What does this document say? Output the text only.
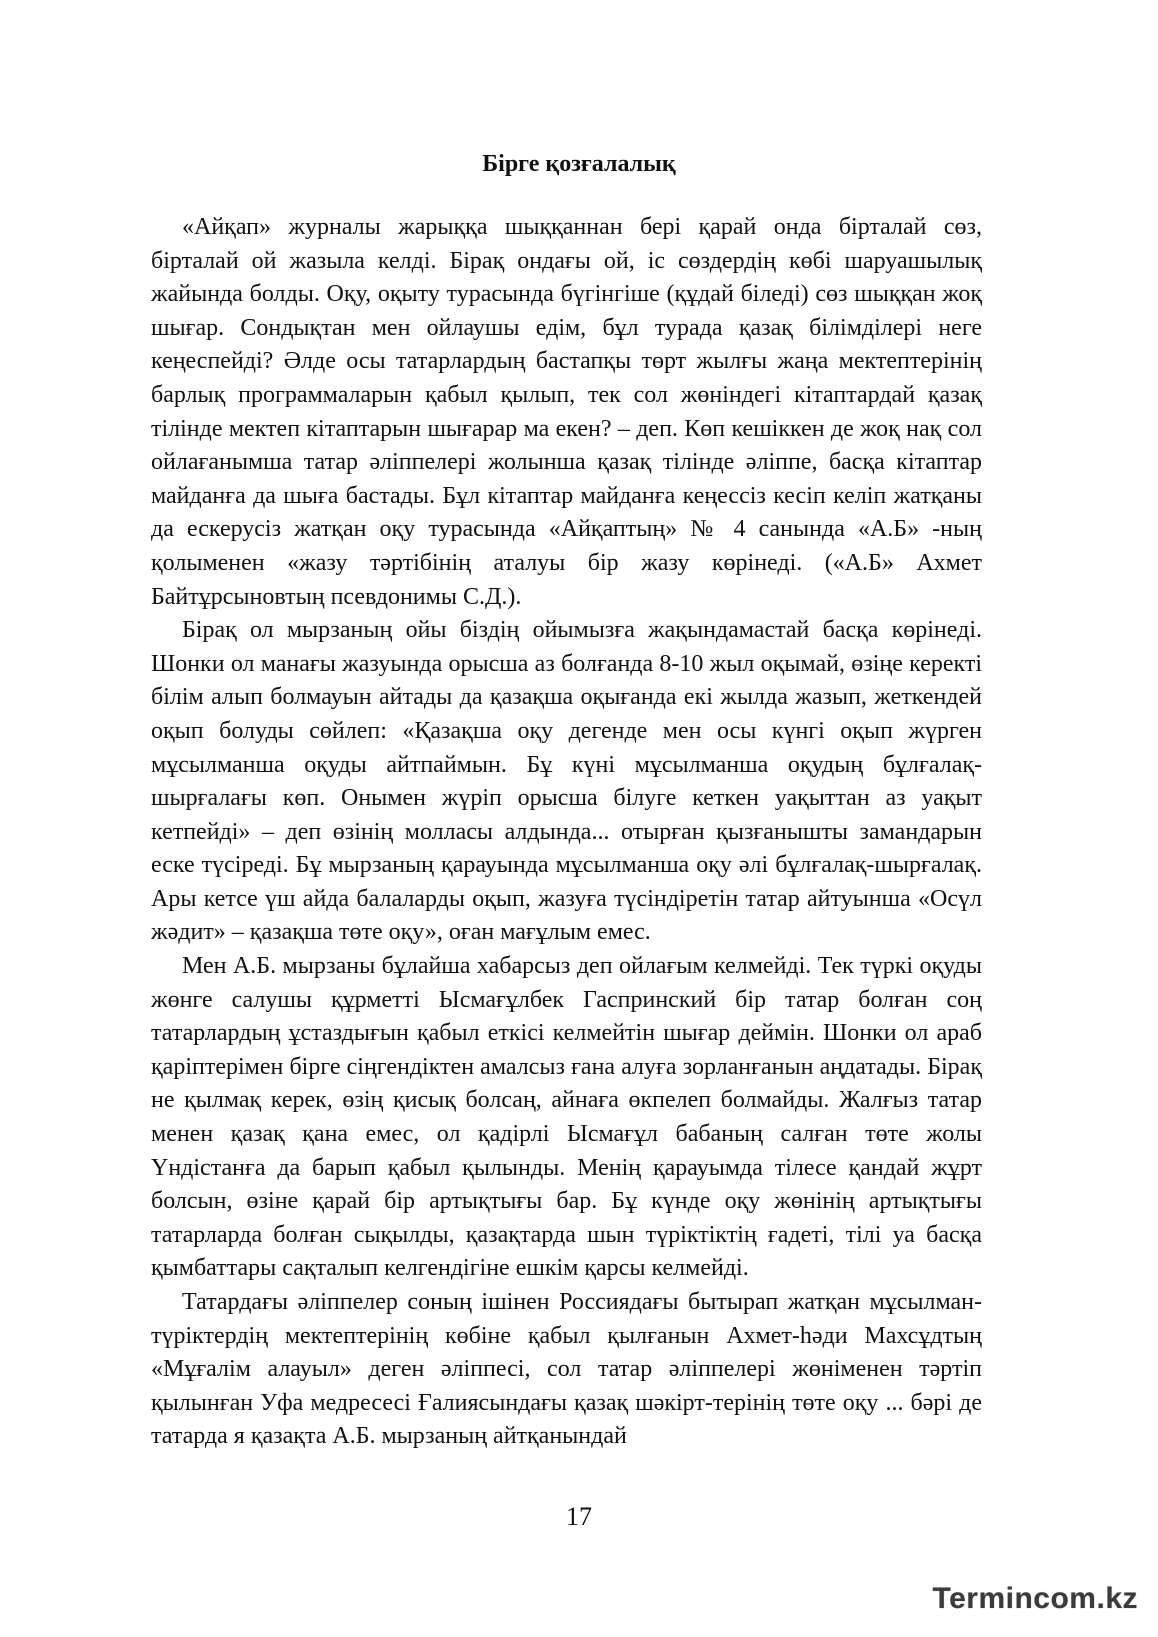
Бірге қозғалалық

«Айқап» журналы жарыққа шыққаннан бері қарай онда бірталай сөз, бірталай ой жазыла келді. Бірақ ондағы ой, іс сөздердің көбі шаруашылық жайында болды. Оқу, оқыту турасында бүгінгіше (құдай біледі) сөз шыққан жоқ шығар. Сондықтан мен ойлаушы едім, бұл турада қазақ білімділері неге кеңеспейді? Әлде осы татарлардың бастапқы төрт жылғы жаңа мектептерінің барлық программаларын қабыл қылып, тек сол жөніндегі кітаптардай қазақ тілінде мектеп кітаптарын шығарар ма екен? – деп. Көп кешіккен де жоқ нақ сол ойлағанымша татар әліппелері жолынша қазақ тілінде әліппе, басқа кітаптар майданға да шыға бастады. Бұл кітаптар майданға кеңессіз кесіп келіп жатқаны да ескерусіз жатқан оқу турасында «Айқаптың» № 4 санында «А.Б» -ның қолыменен «жазу тәртібінің аталуы бір жазу көрінеді. («А.Б» Ахмет Байтұрсыновтың псевдонимы С.Д.).

Бірақ ол мырзаның ойы біздің ойымызға жақындамастай басқа көрінеді. Шонки ол манағы жазуында орысша аз болғанда 8-10 жыл оқымай, өзіңе керекті білім алып болмауын айтады да қазақша оқығанда екі жылда жазып, жеткендей оқып болуды сөйлеп: «Қазақша оқу дегенде мен осы күнгі оқып жүрген мұсылманша оқуды айтпаймын. Бұ күні мұсылманша оқудың бұлғалақ-шырғалағы көп. Онымен жүріп орысша білуге кеткен уақыттан аз уақыт кетпейді» – деп өзінің молласы алдында... отырған қызғанышты замандарын еске түсіреді. Бұ мырзаның қарауында мұсылманша оқу әлі бұлғалақ-шырғалақ. Ары кетсе үш айда балаларды оқып, жазуға түсіндіретін татар айтуынша «Осүл жәдит» – қазақша төте оқу», оған мағұлым емес.

Мен А.Б. мырзаны бұлайша хабарсыз деп ойлағым келмейді. Тек түркі оқуды жөнге салушы құрметті Ысмағұлбек Гаспринский бір татар болған соң татарлардың ұстаздығын қабыл еткісі келмейтін шығар деймін. Шонки ол араб қаріптерімен бірге сіңгендіктен амалсыз ғана алуға зорланғанын аңдатады. Бірақ не қылмақ керек, өзің қисық болсаң, айнаға өкпелеп болмайды. Жалғыз татар менен қазақ қана емес, ол қадірлі Ысмағұл бабаның салған төте жолы Үндістанға да барып қабыл қылынды. Менің қарауымда тілесе қандай жұрт болсын, өзіне қарай бір артықтығы бар. Бұ күнде оқу жөнінің артықтығы татарларда болған сықылды, қазақтарда шын түріктіктің ғадеті, тілі уа басқа қымбаттары сақталып келгендігіне ешкім қарсы келмейді.

Татардағы әліппелер соның ішінен Россиядағы бытырап жатқан мұсылман-түріктердің мектептерінің көбіне қабыл қылғанын Ахмет-һәди Махсұдтың «Мұғалім алауыл» деген әліппесі, сол татар әліппелері жөніменен тәртіп қылынған Уфа медресесі Ғалиясындағы қазақ шәкірт-терінің төте оқу ... бәрі де татарда я қазақта А.Б. мырзаның айтқанындай

17
Termincom.kz
